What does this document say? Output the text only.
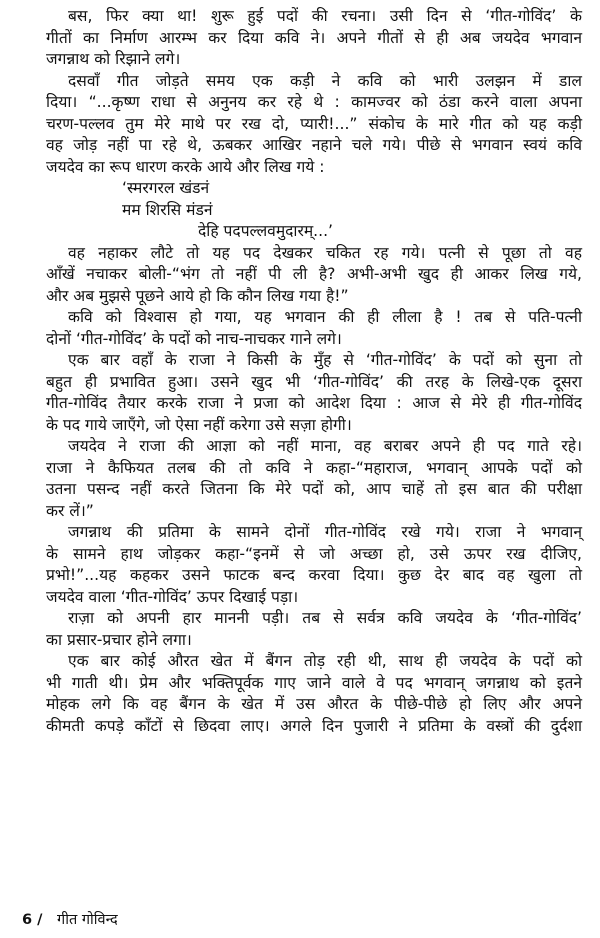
बस, फिर क्या था! शुरू हुई पदों की रचना। उसी दिन से ‘गीत-गोविंद’ के
गीतों का निर्माण आरम्भ कर दिया कवि ने। अपने गीतों से ही अब जयदेव भगवान
जगन्नाथ को रिझाने लगे।
दसवाँ गीत जोड़ते समय एक कड़ी ने कवि को भारी उलझन में डाल
दिया। “...कृष्ण राधा से अनुनय कर रहे थे : कामज्वर को ठंडा करने वाला अपना
चरण-पल्लव तुम मेरे माथे पर रख दो, प्यारी!...” संकोच के मारे गीत को यह कड़ी
वह जोड़ नहीं पा रहे थे, ऊबकर आखिर नहाने चले गये। पीछे से भगवान स्वयं कवि
जयदेव का रूप धारण करके आये और लिख गये :
‘स्मरगरल खंडनं
मम शिरसि मंडनं
देहि पदपल्लवमुदारम्...’
वह नहाकर लौटे तो यह पद देखकर चकित रह गये। पत्नी से पूछा तो वह
आँखें नचाकर बोली-“भंग तो नहीं पी ली है? अभी-अभी खुद ही आकर लिख गये,
और अब मुझसे पूछने आये हो कि कौन लिख गया है!”
कवि को विश्वास हो गया, यह भगवान की ही लीला है ! तब से पति-पत्नी
दोनों ‘गीत-गोविंद’ के पदों को नाच-नाचकर गाने लगे।
एक बार वहाँ के राजा ने किसी के मुँह से ‘गीत-गोविंद’ के पदों को सुना तो
बहुत ही प्रभावित हुआ। उसने खुद भी ‘गीत-गोविंद’ की तरह के लिखे-एक दूसरा
गीत-गोविंद तैयार करके राजा ने प्रजा को आदेश दिया : आज से मेरे ही गीत-गोविंद
के पद गाये जाएँगे, जो ऐसा नहीं करेगा उसे सज़ा होगी।
जयदेव ने राजा की आज्ञा को नहीं माना, वह बराबर अपने ही पद गाते रहे।
राजा ने कैफियत तलब की तो कवि ने कहा-“महाराज, भगवान् आपके पदों को
उतना पसन्द नहीं करते जितना कि मेरे पदों को, आप चाहें तो इस बात की परीक्षा
कर लें।”
जगन्नाथ की प्रतिमा के सामने दोनों गीत-गोविंद रखे गये। राजा ने भगवान्
के सामने हाथ जोड़कर कहा-“इनमें से जो अच्छा हो, उसे ऊपर रख दीजिए,
प्रभो!”...यह कहकर उसने फाटक बन्द करवा दिया। कुछ देर बाद वह खुला तो
जयदेव वाला ‘गीत-गोविंद’ ऊपर दिखाई पड़ा।
राज़ा को अपनी हार माननी पड़ी। तब से सर्वत्र कवि जयदेव के ‘गीत-गोविंद’
का प्रसार-प्रचार होने लगा।
एक बार कोई औरत खेत में बैंगन तोड़ रही थी, साथ ही जयदेव के पदों को
भी गाती थी। प्रेम और भक्तिपूर्वक गाए जाने वाले वे पद भगवान् जगन्नाथ को इतने
मोहक लगे कि वह बैंगन के खेत में उस औरत के पीछे-पीछे हो लिए और अपने
कीमती कपड़े काँटों से छिदवा लाए। अगले दिन पुजारी ने प्रतिमा के वस्त्रों की दुर्दशा
6 / गीत गोविन्द
